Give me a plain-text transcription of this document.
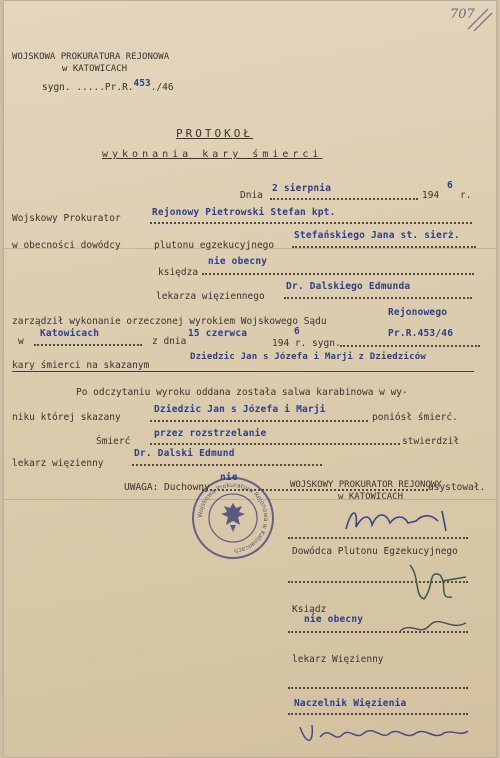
WOJSKOWA PROKURATURA REJONOWA
w KATOWICACH
sygn. .....Pr.R.453./46
707
PROTOKOŁ
wykonania kary śmierci
Dnia
2 sierpnia
194
6
r.
Wojskowy Prokurator
Rejonowy Pietrowski Stefan kpt.
w obecności dowódcy	plutonu egzekucyjnego
Stefańskiego Jana st. sierż.
księdza
nie obecny
lekarza więziennego
Dr. Dalskiego Edmunda
zarządził wykonanie orzeczonej wyrokiem Wojskowego Sądu
Rejonowego
w
Katowicach
z dnia
15 czerwca
194 r. sygn.
6	Pr.R.453/46
kary śmierci na skazanym
Dziedzic Jan s Józefa i Marji z Dziedziców
Po odczytaniu wyroku oddana została salwa karabinowa w wy-
niku której skazany
Dziedzic Jan s Józefa i Marji
poniósł śmierć.
Śmierć
przez rozstrzelanie
stwierdził
lekarz więzienny
Dr. Dalski Edmund
UWAGA: Duchowny
nie
asystował.
Wojskowa Prokuratura Rejonowa w Katowicach
WOJSKOWY PROKURATOR REJONOWY
w KATOWICACH
Dowódca Plutonu Egzekucyjnego
Ksiądz
nie obecny
lekarz Więzienny
Naczelnik Więzienia
